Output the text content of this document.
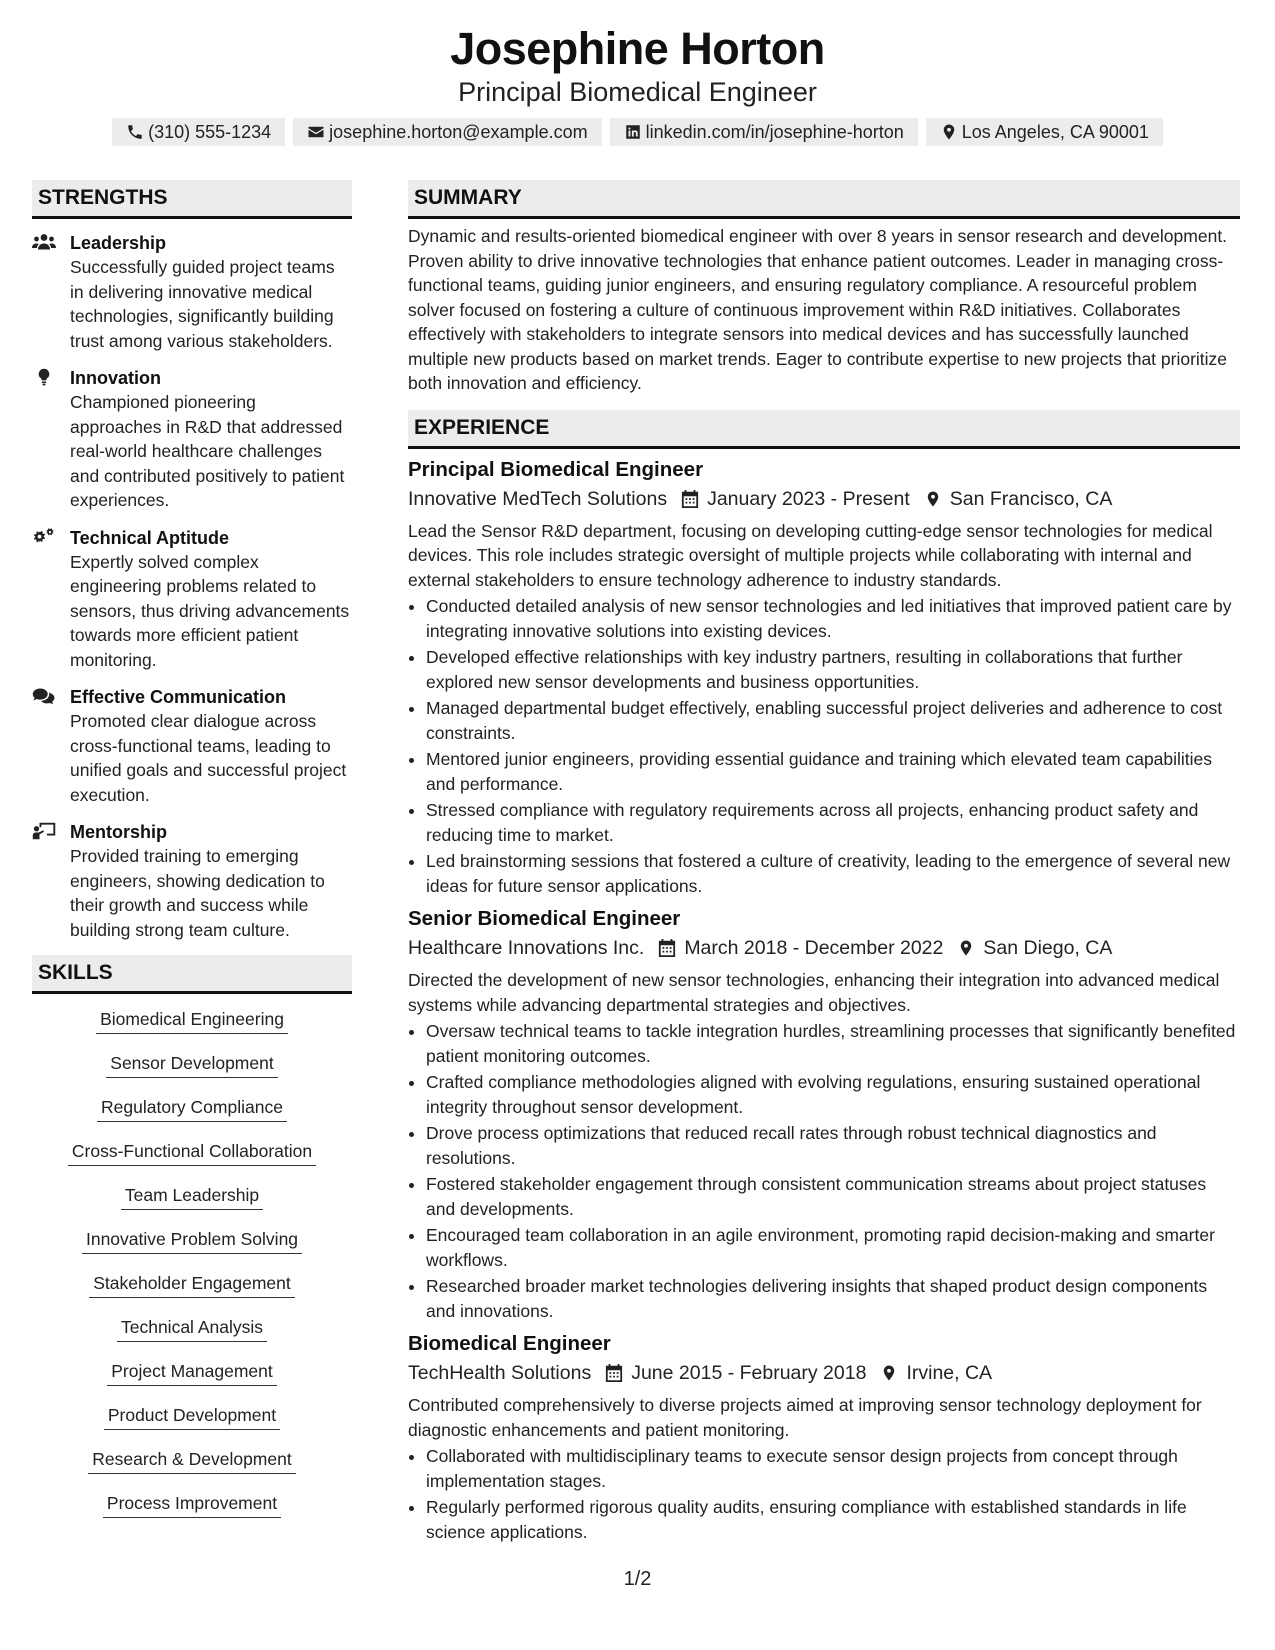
Josephine Horton
Principal Biomedical Engineer
(310) 555-1234	josephine.horton@example.com	linkedin.com/in/josephine-horton	Los Angeles, CA 90001
STRENGTHS
Leadership
Successfully guided project teams in delivering innovative medical technologies, significantly building trust among various stakeholders.
Innovation
Championed pioneering approaches in R&D that addressed real-world healthcare challenges and contributed positively to patient experiences.
Technical Aptitude
Expertly solved complex engineering problems related to sensors, thus driving advancements towards more efficient patient monitoring.
Effective Communication
Promoted clear dialogue across cross-functional teams, leading to unified goals and successful project execution.
Mentorship
Provided training to emerging engineers, showing dedication to their growth and success while building strong team culture.
SKILLS
Biomedical Engineering
Sensor Development
Regulatory Compliance
Cross-Functional Collaboration
Team Leadership
Innovative Problem Solving
Stakeholder Engagement
Technical Analysis
Project Management
Product Development
Research & Development
Process Improvement
SUMMARY
Dynamic and results-oriented biomedical engineer with over 8 years in sensor research and development. Proven ability to drive innovative technologies that enhance patient outcomes. Leader in managing cross-functional teams, guiding junior engineers, and ensuring regulatory compliance. A resourceful problem solver focused on fostering a culture of continuous improvement within R&D initiatives. Collaborates effectively with stakeholders to integrate sensors into medical devices and has successfully launched multiple new products based on market trends. Eager to contribute expertise to new projects that prioritize both innovation and efficiency.
EXPERIENCE
Principal Biomedical Engineer
Innovative MedTech Solutions January 2023 - Present San Francisco, CA
Lead the Sensor R&D department, focusing on developing cutting-edge sensor technologies for medical devices. This role includes strategic oversight of multiple projects while collaborating with internal and external stakeholders to ensure technology adherence to industry standards.
• Conducted detailed analysis of new sensor technologies and led initiatives that improved patient care by integrating innovative solutions into existing devices.
• Developed effective relationships with key industry partners, resulting in collaborations that further explored new sensor developments and business opportunities.
• Managed departmental budget effectively, enabling successful project deliveries and adherence to cost constraints.
• Mentored junior engineers, providing essential guidance and training which elevated team capabilities and performance.
• Stressed compliance with regulatory requirements across all projects, enhancing product safety and reducing time to market.
• Led brainstorming sessions that fostered a culture of creativity, leading to the emergence of several new ideas for future sensor applications.
Senior Biomedical Engineer
Healthcare Innovations Inc. March 2018 - December 2022 San Diego, CA
Directed the development of new sensor technologies, enhancing their integration into advanced medical systems while advancing departmental strategies and objectives.
• Oversaw technical teams to tackle integration hurdles, streamlining processes that significantly benefited patient monitoring outcomes.
• Crafted compliance methodologies aligned with evolving regulations, ensuring sustained operational integrity throughout sensor development.
• Drove process optimizations that reduced recall rates through robust technical diagnostics and resolutions.
• Fostered stakeholder engagement through consistent communication streams about project statuses and developments.
• Encouraged team collaboration in an agile environment, promoting rapid decision-making and smarter workflows.
• Researched broader market technologies delivering insights that shaped product design components and innovations.
Biomedical Engineer
TechHealth Solutions June 2015 - February 2018 Irvine, CA
Contributed comprehensively to diverse projects aimed at improving sensor technology deployment for diagnostic enhancements and patient monitoring.
• Collaborated with multidisciplinary teams to execute sensor design projects from concept through implementation stages.
• Regularly performed rigorous quality audits, ensuring compliance with established standards in life science applications.
1/2
